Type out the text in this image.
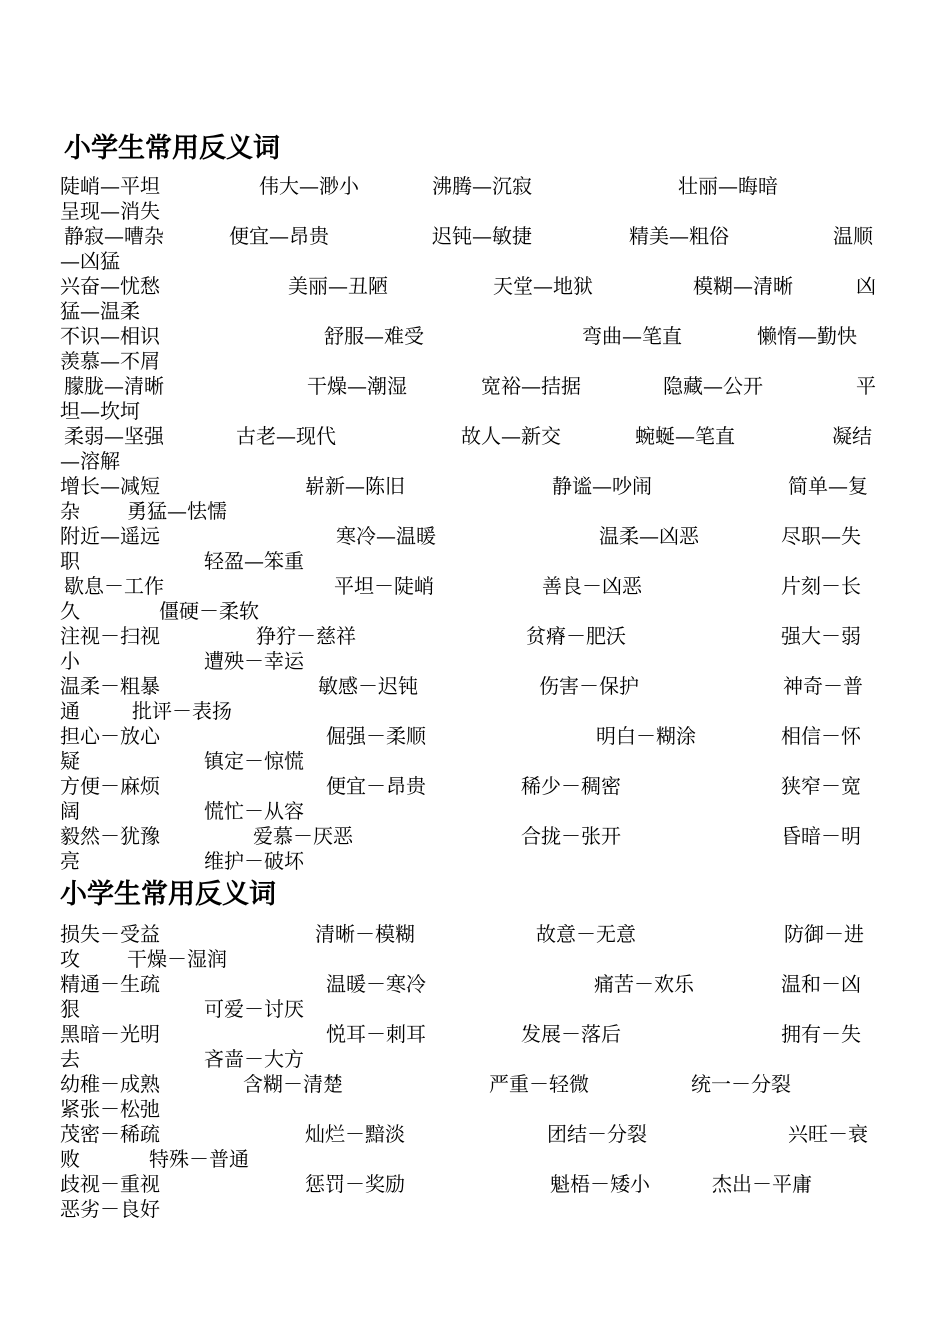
小学生常用反义词
陡峭—平坦	伟大—渺小	沸腾—沉寂	壮丽—晦暗
呈现—消失
静寂—嘈杂	便宜—昂贵	迟钝—敏捷	精美—粗俗	温顺
—凶猛
兴奋—忧愁	美丽—丑陋	天堂—地狱	模糊—清晰	凶
猛—温柔
不识—相识	舒服—难受	弯曲—笔直	懒惰—勤快
羡慕—不屑
朦胧—清晰	干燥—潮湿	宽裕—拮据	隐藏—公开	平
坦—坎坷
柔弱—坚强	古老—现代	故人—新交	蜿蜒—笔直	凝结
—溶解
增长—减短	崭新—陈旧	静谧—吵闹	简单—复
杂 勇猛—怯懦
附近—遥远	寒冷—温暖	温柔—凶恶	尽职—失
职	轻盈—笨重
歇息－工作	平坦－陡峭	善良－凶恶	片刻－长
久	僵硬－柔软
注视－扫视	狰狞－慈祥	贫瘠－肥沃	强大－弱
小	遭殃－幸运
温柔－粗暴	敏感－迟钝	伤害－保护	神奇－普
通	批评－表扬
担心－放心	倔强－柔顺	明白－糊涂	相信－怀
疑	镇定－惊慌
方便－麻烦	便宜－昂贵	稀少－稠密	狭窄－宽
阔	慌忙－从容
毅然－犹豫	爱慕－厌恶	合拢－张开	昏暗－明
亮	维护－破坏
小学生常用反义词
损失－受益	清晰－模糊	故意－无意	防御－进
攻 干燥－湿润
精通－生疏	温暖－寒冷	痛苦－欢乐	温和－凶
狠	可爱－讨厌
黑暗－光明	悦耳－刺耳	发展－落后	拥有－失
去	吝啬－大方
幼稚－成熟	含糊－清楚	严重－轻微	统一－分裂
紧张－松弛
茂密－稀疏	灿烂－黯淡	团结－分裂	兴旺－衰
败	特殊－普通
歧视－重视	惩罚－奖励	魁梧－矮小	杰出－平庸
恶劣－良好
